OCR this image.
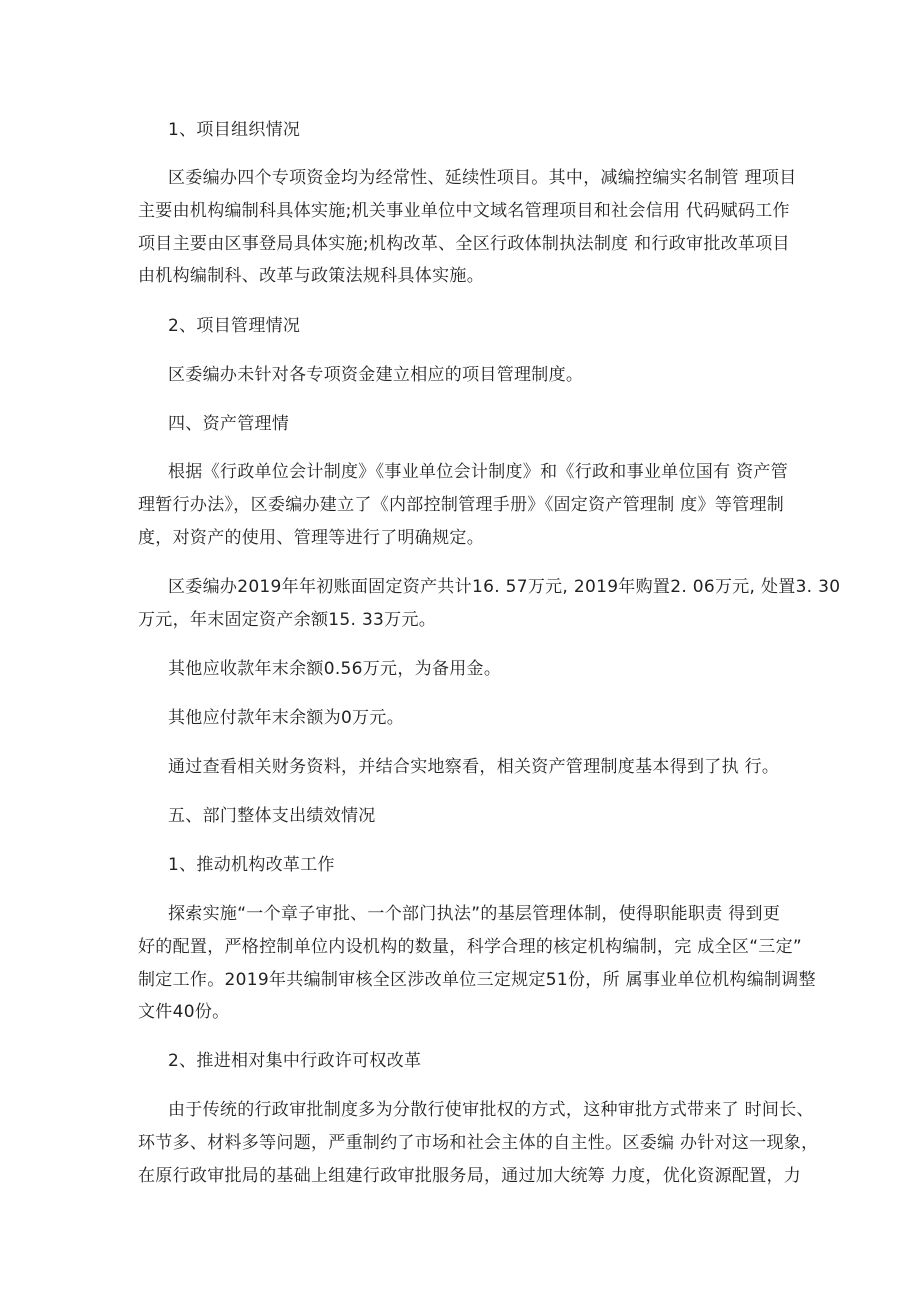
1、项目组织情况
区委编办四个专项资金均为经常性、延续性项目。其中，减编控编实名制管 理项目
主要由机构编制科具体实施;机关事业单位中文域名管理项目和社会信用 代码赋码工作
项目主要由区事登局具体实施;机构改革、全区行政体制执法制度 和行政审批改革项目
由机构编制科、改革与政策法规科具体实施。
2、项目管理情况
区委编办未针对各专项资金建立相应的项目管理制度。
四、资产管理情
根据《行政单位会计制度》《事业单位会计制度》和《行政和事业单位国有 资产管
理暂行办法》，区委编办建立了《内部控制管理手册》《固定资产管理制 度》等管理制
度，对资产的使用、管理等进行了明确规定。
区委编办2019年年初账面固定资产共计16. 57万元, 2019年购置2. 06万元, 处置3. 30
万元，年末固定资产余额15. 33万元。
其他应收款年末余额0.56万元，为备用金。
其他应付款年末余额为0万元。
通过查看相关财务资料，并结合实地察看，相关资产管理制度基本得到了执 行。
五、部门整体支出绩效情况
1、推动机构改革工作
探索实施“一个章子审批、一个部门执法”的基层管理体制，使得职能职责 得到更
好的配置，严格控制单位内设机构的数量，科学合理的核定机构编制，完 成全区“三定”
制定工作。2019年共编制审核全区涉改单位三定规定51份，所 属事业单位机构编制调整
文件40份。
2、推进相对集中行政许可权改革
由于传统的行政审批制度多为分散行使审批权的方式，这种审批方式带来了 时间长、
环节多、材料多等问题，严重制约了市场和社会主体的自主性。区委编 办针对这一现象，
在原行政审批局的基础上组建行政审批服务局，通过加大统筹 力度，优化资源配置，力
